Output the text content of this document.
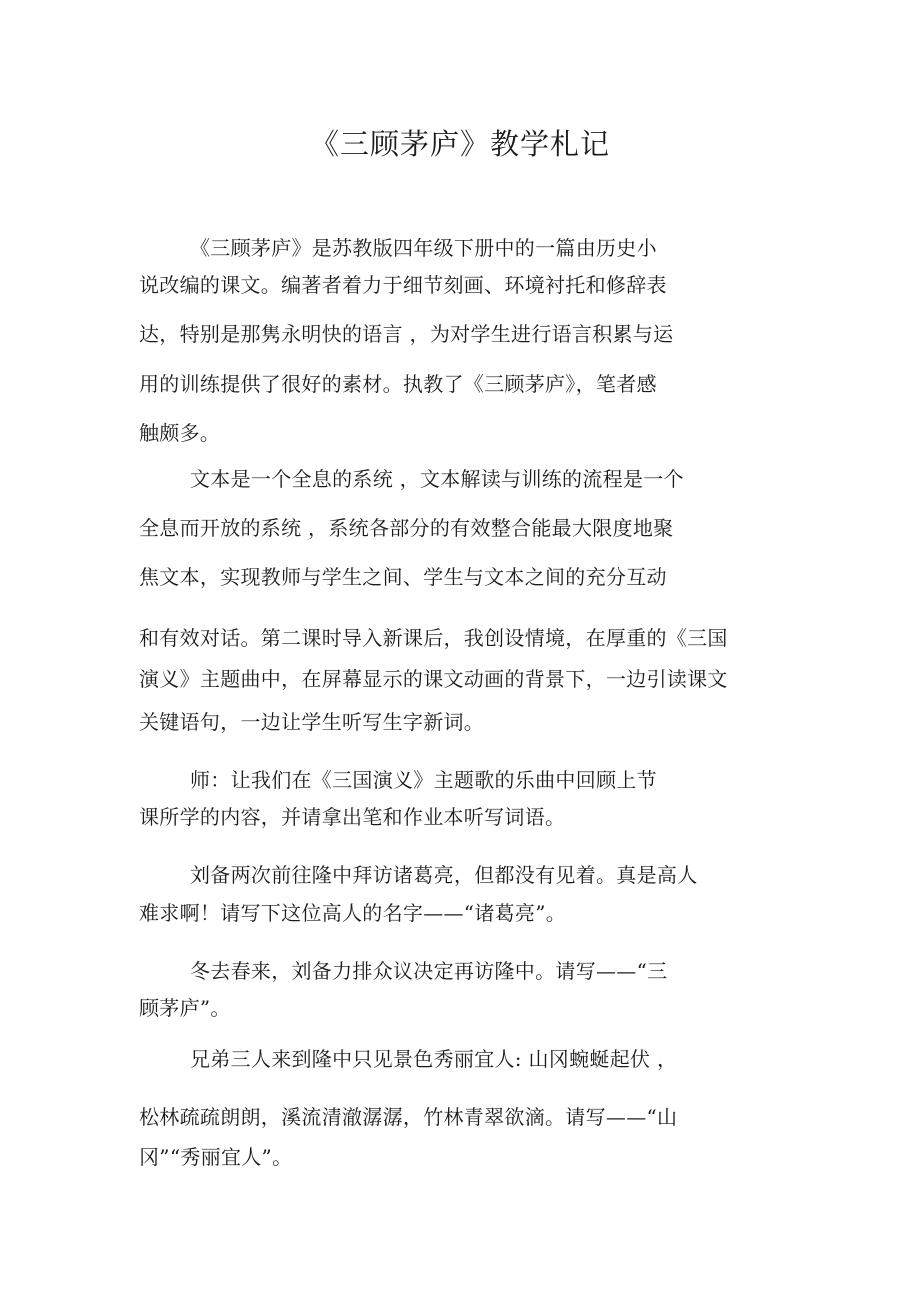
《三顾茅庐》教学札记
《三顾茅庐》是苏教版四年级下册中的一篇由历史小
说改编的课文。编著者着力于细节刻画、环境衬托和修辞表
达，特别是那隽永明快的语言 ，为对学生进行语言积累与运
用的训练提供了很好的素材。执教了《三顾茅庐》，笔者感
触颇多。
文本是一个全息的系统 ，文本解读与训练的流程是一个
全息而开放的系统 ，系统各部分的有效整合能最大限度地聚
焦文本，实现教师与学生之间、学生与文本之间的充分互动
和有效对话。第二课时导入新课后，我创设情境，在厚重的《三国
演义》主题曲中，在屏幕显示的课文动画的背景下，一边引读课文
关键语句，一边让学生听写生字新词。
师：让我们在《三国演义》主题歌的乐曲中回顾上节
课所学的内容，并请拿出笔和作业本听写词语。
刘备两次前往隆中拜访诸葛亮，但都没有见着。真是高人
难求啊！请写下这位高人的名字——“诸葛亮”。
冬去春来，刘备力排众议决定再访隆中。请写——“三
顾茅庐”。
兄弟三人来到隆中只见景色秀丽宜人: 山冈蜿蜒起伏 ，
松林疏疏朗朗，溪流清澈潺潺，竹林青翠欲滴。请写——“山
冈”“秀丽宜人”。
